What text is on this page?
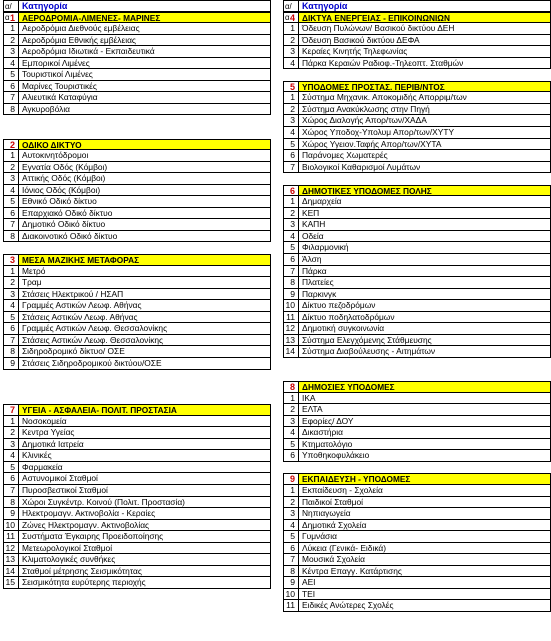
α/α
Κατηγορία
1 ΑΕΡΟΔΡΟΜΙΑ-ΛΙΜΕΝΕΣ- ΜΑΡΙΝΕΣ
1 Αεροδρόμια Διεθνούς εμβέλειας
2 Αεροδρόμια Εθνικής εμβέλειας
3 Αεροδρόμια Ιδιωτικά - Εκπαιδευτικά
4 Εμπορικοί Λιμένες
5 Τουριστικοί Λιμένες
6 Μαρίνες Τουριστικές
7 Αλιευτικά Καταφύγια
8 Αγκυροβόλια
2 ΟΔΙΚΟ ΔΙΚΤΥΟ
1 Αυτοκινητόδρομοι
2 Εγνατία Οδός (Κόμβοι)
3 Αττικής Οδός (Κόμβοι)
4 Ιόνιος Οδός (Κόμβοι)
5 Εθνικό Οδικό δίκτυο
6 Επαρχιακό Οδικό δίκτυο
7 Δημοτικό Οδικό δίκτυο
8 Διακοινοτικό Οδικό δίκτυο
3 ΜΕΣΑ ΜΑΖΙΚΗΣ ΜΕΤΑΦΟΡΑΣ
1 Μετρό
2 Τραμ
3 Στάσεις Ηλεκτρικού / ΗΣΑΠ
4 Γραμμές Αστικών Λεωφ. Αθήνας
5 Στάσεις Αστικών Λεωφ. Αθήνας
6 Γραμμές Αστικών Λεωφ. Θεσσαλονίκης
7 Στάσεις Αστικών Λεωφ. Θεσσαλονίκης
8 Σιδηροδρομικό δίκτυο/ ΟΣΕ
9 Στάσεις Σιδηροδρομικού δικτύου/ΟΣΕ
7 ΥΓΕΙΑ - ΑΣΦΑΛΕΙΑ- ΠΟΛΙΤ. ΠΡΟΣΤΑΣΙΑ
1 Νοσοκομεία
2 Κεντρα Υγείας
3 Δημοτικά Ιατρεία
4 Κλινικές
5 Φαρμακεία
6 Αστυνομικοί Σταθμοί
7 Πυροσβεστικοί Σταθμοί
8 Χώροι Συγκέντρ. Κοινού (Πολιτ. Προστασία)
9 Ηλεκτρομαγν. Ακτινοβολία - Κεραίες
10 Ζώνες Ηλεκτρομαγν. Ακτινοβολίας
11 Συστήματα Έγκαιρης Προειδοποίησης
12 Μετεωρολογικοί Σταθμοί
13 Κλιματολογικές συνθήκες
14 Σταθμοί μέτρησης Σεισμικότητας
15 Σεισμικότητα ευρύτερης περιοχής
α/α
Κατηγορία
4 ΔΙΚΤΥΑ ΕΝΕΡΓΕΙΑΣ - ΕΠΙΚΟΙΝΩΝΙΩΝ
1 Όδευση Πυλώνων/ Βασικού δικτύου ΔΕΗ
2 Όδευση Βασικού δικτύου ΔΕΦΑ
3 Κεραίες Κινητής Τηλεφωνίας
4 Πάρκα Κεραιών Ραδιοφ.-Τηλεοπτ. Σταθμών
5 ΥΠΟΔΟΜΕΣ ΠΡΟΣΤΑΣ. ΠΕΡΙΒ/ΝΤΟΣ
1 Σύστημα Μηχανικ. Αποκομιδής Απορριμ/των
2 Σύστημα Ανακύκλωσης στην Πηγή
3 Χώρος Διαλογής Απορ/των/ΧΑΔΑ
4 Χώρος Υποδοχ-Υπολυμ Απορ/των/ΧΥΤΥ
5 Χώρος Υγειον.Ταφής Απορ/των/ΧΥΤΑ
6 Παράνομες Χωματερές
7 Βιολογικοί Καθαρισμοί Λυμάτων
6 ΔΗΜΟΤΙΚΕΣ ΥΠΟΔΟΜΕΣ ΠΟΛΗΣ
1 Δημαρχεία
2 ΚΕΠ
3 ΚΑΠΗ
4 Οδεία
5 Φιλαρμονική
6 Άλση
7 Πάρκα
8 Πλατείες
9 Παρκινγκ
10 Δίκτυο πεζοδρόμων
11 Δίκτυο ποδηλατοδρόμων
12 Δημοτική συγκοινωνία
13 Σύστημα Ελεγχόμενης Στάθμευσης
14 Σύστημα Διαβούλευσης - Αιτημάτων
8 ΔΗΜΟΣΙΕΣ ΥΠΟΔΟΜΕΣ
1 ΙΚΑ
2 ΕΛΤΑ
3 Εφορίες/ ΔΟΥ
4 Δικαστήρια
5 Κτηματολόγιο
6 Υποθηκοφυλάκειο
9 ΕΚΠΑΙΔΕΥΣΗ - ΥΠΟΔΟΜΕΣ
1 Εκπαίδευση - Σχολεία
2 Παιδικοί Σταθμοί
3 Νηπιαγωγεία
4 Δημοτικά Σχολεία
5 Γυμνάσια
6 Λύκεια (Γενικά- Ειδικά)
7 Μουσικά Σχολεία
8 Κέντρα Επαγγ. Κατάρτισης
9 ΑΕΙ
10 ΤΕΙ
11 Ειδικές Ανώτερες Σχολές
